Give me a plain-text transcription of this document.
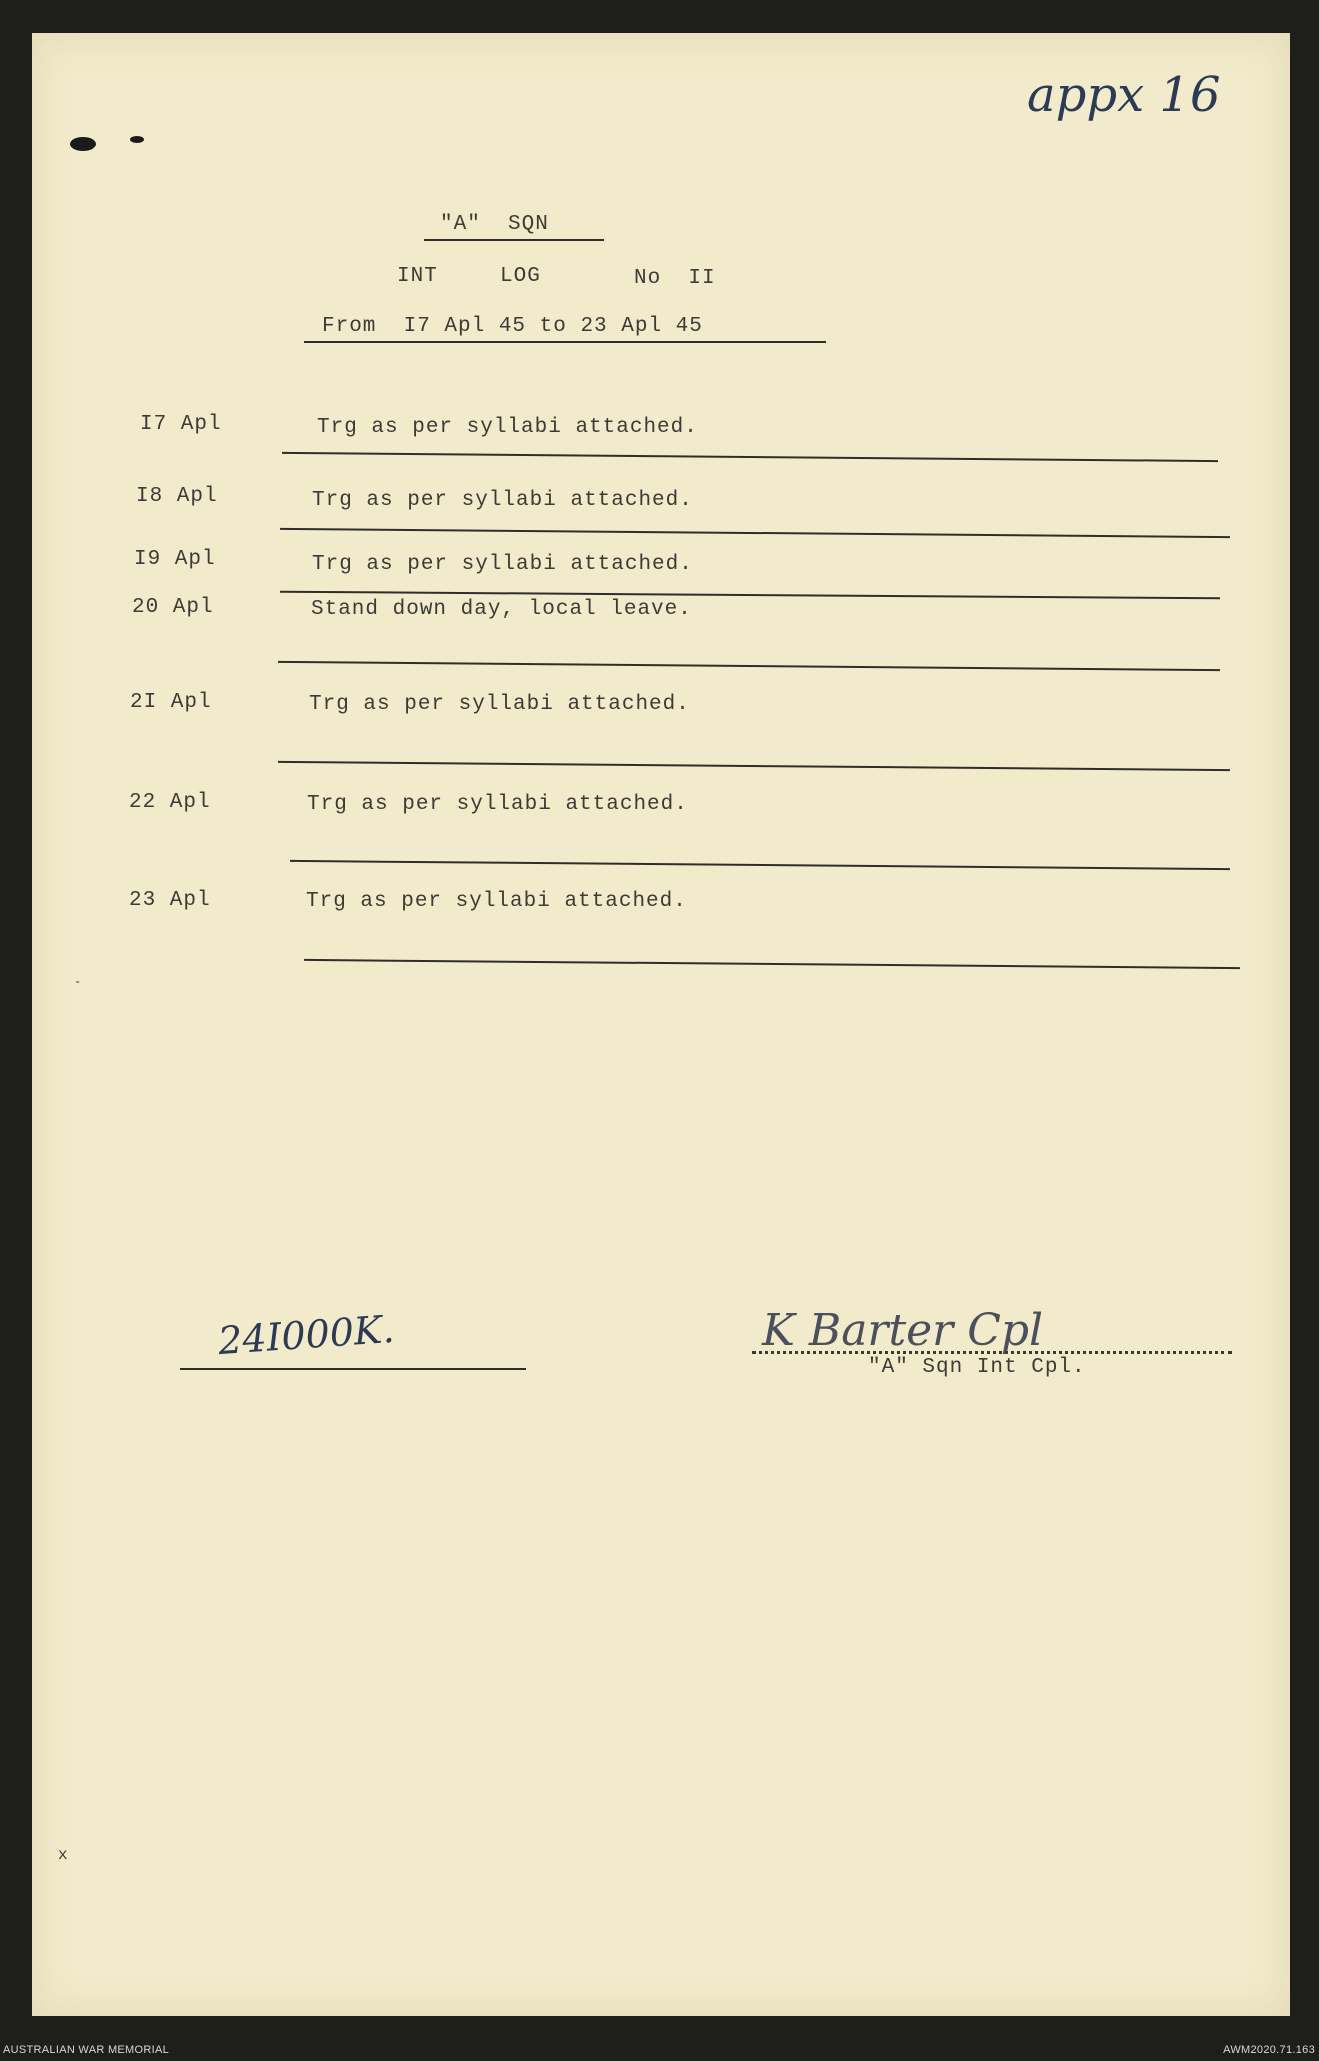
appx 16
"A"  SQN
INT	LOG	No  II
From  I7 Apl 45 to 23 Apl 45
I7 Apl	Trg as per syllabi attached.
I8 Apl	Trg as per syllabi attached.
I9 Apl	Trg as per syllabi attached.
20 Apl	Stand down day, local leave.
2I Apl	Trg as per syllabi attached.
22 Apl	Trg as per syllabi attached.
23 Apl	Trg as per syllabi attached.
24I000K.	K Barter Cpl
"A" Sqn Int Cpl.
-
x
AUSTRALIAN WAR MEMORIAL	AWM2020.71.163
